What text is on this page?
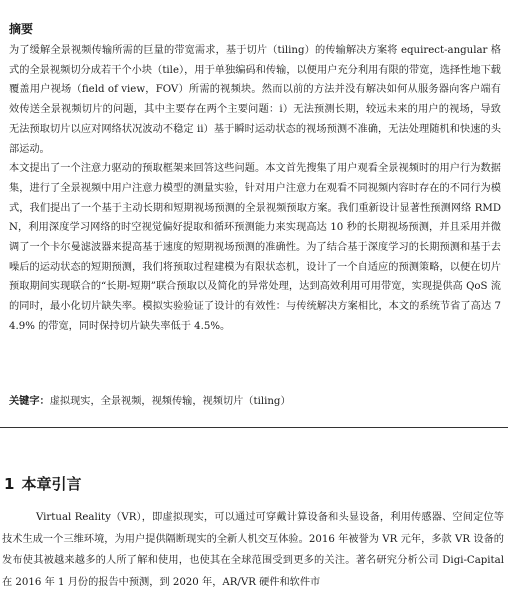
摘要

为了缓解全景视频传输所需的巨量的带宽需求，基于切片（tiling）的传输解决方案将 equirect-angular 格式的全景视频切分成若干个小块（tile），用于单独编码和传输，以便用户充分利用有限的带宽，选择性地下载覆盖用户视场（field of view，FOV）所需的视频块。然而以前的方法并没有解决如何从服务器向客户端有效传送全景视频切片的问题，其中主要存在两个主要问题：i）无法预测长期，较远未来的用户的视场，导致无法预取切片以应对网络状况波动不稳定 ii）基于瞬时运动状态的视场预测不准确，无法处理随机和快速的头部运动。

本文提出了一个注意力驱动的预取框架来回答这些问题。本文首先搜集了用户观看全景视频时的用户行为数据集，进行了全景视频中用户注意力模型的测量实验，针对用户注意力在观看不同视频内容时存在的不同行为模式，我们提出了一个基于主动长期和短期视场预测的全景视频预取方案。我们重新设计显著性预测网络 RMDN，利用深度学习网络的时空视觉偏好提取和循环预测能力来实现高达 10 秒的长期视场预测，并且采用并微调了一个卡尔曼滤波器来提高基于速度的短期视场预测的准确性。为了结合基于深度学习的长期预测和基于去噪后的运动状态的短期预测，我们将预取过程建模为有限状态机，设计了一个自适应的预测策略，以便在切片预取期间实现联合的“长期-短期”联合预取以及简化的异常处理，达到高效利用可用带宽，实现提供高 QoS 流的同时，最小化切片缺失率。模拟实验验证了设计的有效性：与传统解决方案相比，本文的系统节省了高达 74.9% 的带宽，同时保持切片缺失率低于 4.5%。

关键字：虚拟现实，全景视频，视频传输，视频切片（tiling）

1 本章引言

Virtual Reality（VR），即虚拟现实，可以通过可穿戴计算设备和头显设备，利用传感器、空间定位等技术生成一个三维环境，为用户提供隔断现实的全新人机交互体验。2016 年被誉为 VR 元年，多款 VR 设备的发布使其被越来越多的人所了解和使用，也使其在全球范围受到更多的关注。著名研究分析公司 Digi-Capital 在 2016 年 1 月份的报告中预测，到 2020 年，AR/VR 硬件和软件市
